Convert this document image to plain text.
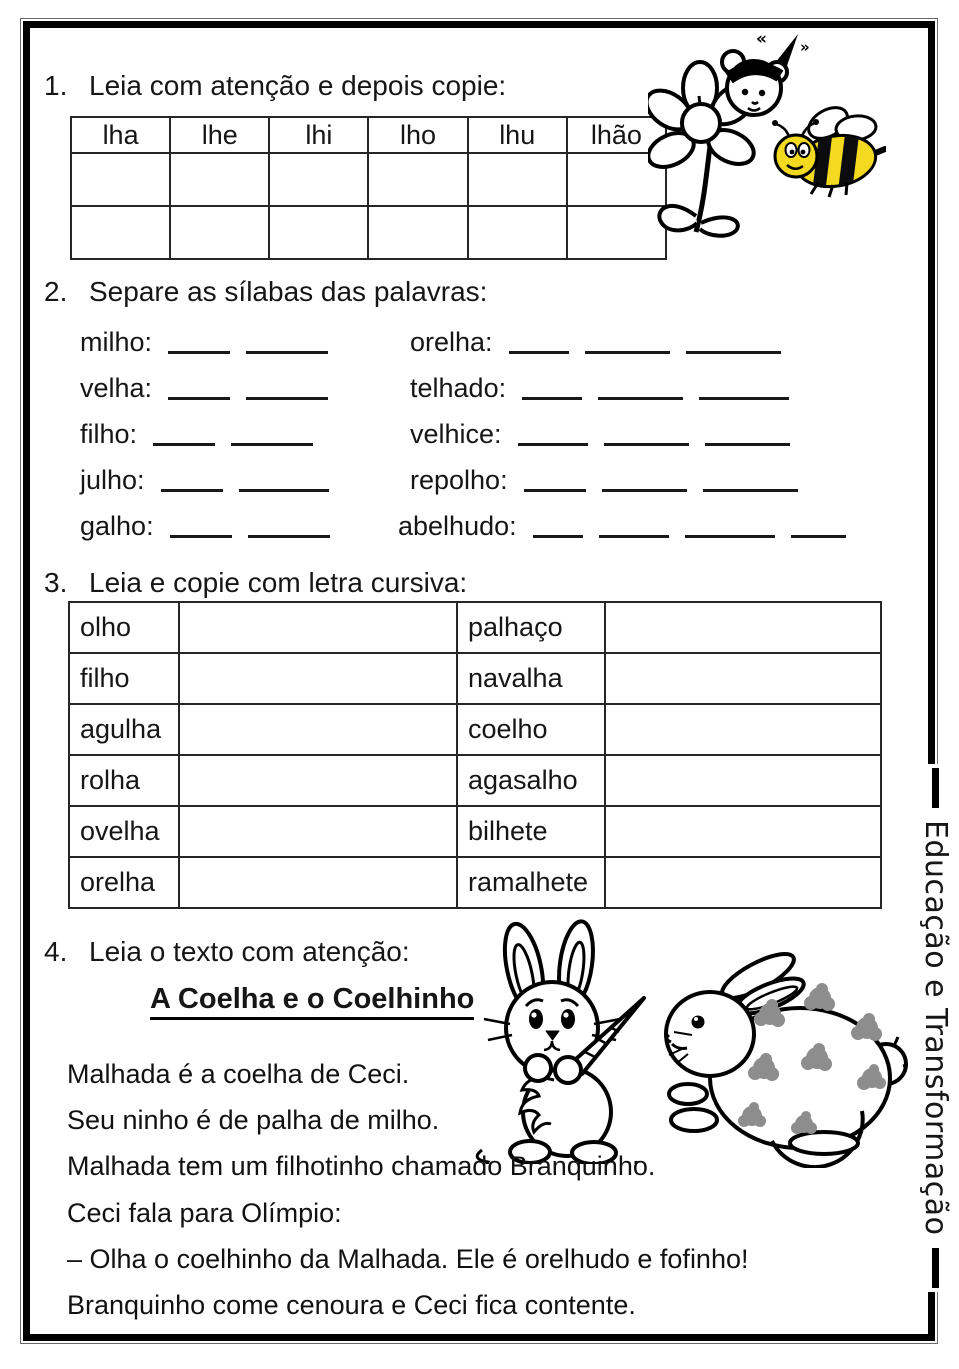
1. Leia com atenção e depois copie:
lha	lhe	lhi	lho	lhu	lhão

« »
2. Separe as sílabas das palavras:
milho:	orelha:
velha:	telhado:
filho:	velhice:
julho:	repolho:
galho:	abelhudo:
3. Leia e copie com letra cursiva:
olho		palhaço	
filho		navalha	
agulha		coelho	
rolha		agasalho	
ovelha		bilhete	
orelha		ramalhete	
4. Leia o texto com atenção:
A Coelha e o Coelhinho
Malhada é a coelha de Ceci.
Seu ninho é de palha de milho.
Malhada tem um filhotinho chamado Branquinho.
Ceci fala para Olímpio:
– Olha o coelhinho da Malhada. Ele é orelhudo e fofinho!
Branquinho come cenoura e Ceci fica contente.
Educação e Transformação
